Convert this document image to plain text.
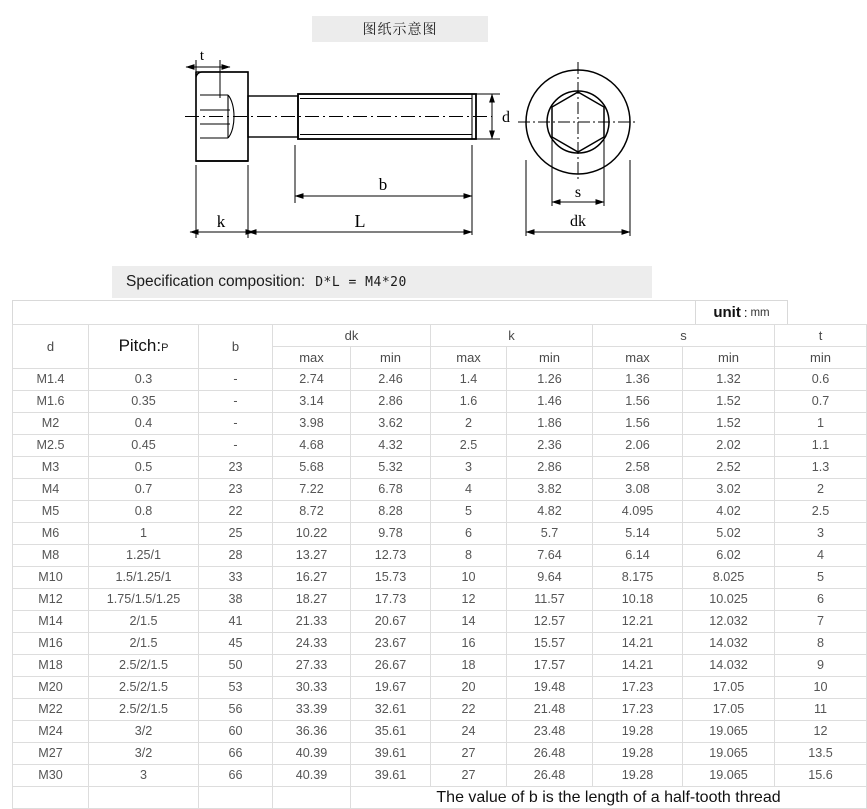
图纸示意图
t
d
b
k	L
s
dk
Specification composition: D*L = M4*20
unit : mm
d	Pitch: P	b	dk		k		s		t
			max	min	max	min	max	min	min
M1.4	0.3	-	2.74	2.46	1.4	1.26	1.36	1.32	0.6
M1.6	0.35	-	3.14	2.86	1.6	1.46	1.56	1.52	0.7
M2	0.4	-	3.98	3.62	2	1.86	1.56	1.52	1
M2.5	0.45	-	4.68	4.32	2.5	2.36	2.06	2.02	1.1
M3	0.5	23	5.68	5.32	3	2.86	2.58	2.52	1.3
M4	0.7	23	7.22	6.78	4	3.82	3.08	3.02	2
M5	0.8	22	8.72	8.28	5	4.82	4.095	4.02	2.5
M6	1	25	10.22	9.78	6	5.7	5.14	5.02	3
M8	1.25/1	28	13.27	12.73	8	7.64	6.14	6.02	4
M10	1.5/1.25/1	33	16.27	15.73	10	9.64	8.175	8.025	5
M12	1.75/1.5/1.25	38	18.27	17.73	12	11.57	10.18	10.025	6
M14	2/1.5	41	21.33	20.67	14	12.57	12.21	12.032	7
M16	2/1.5	45	24.33	23.67	16	15.57	14.21	14.032	8
M18	2.5/2/1.5	50	27.33	26.67	18	17.57	14.21	14.032	9
M20	2.5/2/1.5	53	30.33	19.67	20	19.48	17.23	17.05	10
M22	2.5/2/1.5	56	33.39	32.61	22	21.48	17.23	17.05	11
M24	3/2	60	36.36	35.61	24	23.48	19.28	19.065	12
M27	3/2	66	40.39	39.61	27	26.48	19.28	19.065	13.5
M30	3	66	40.39	39.61	27	26.48	19.28	19.065	15.6
				The value of b is the length of a half-tooth thread					
